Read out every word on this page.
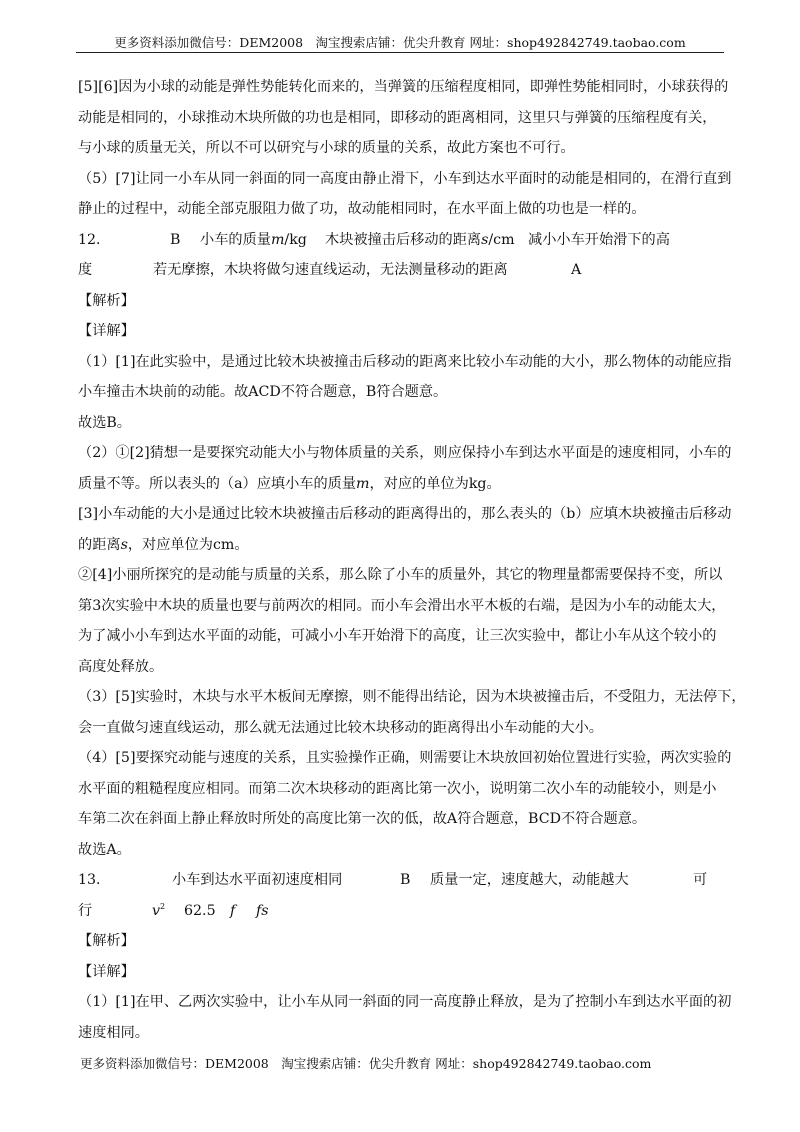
更多资料添加微信号：DEM2008　淘宝搜索店铺：优尖升教育 网址：shop492842749.taobao.com

[5][6]因为小球的动能是弹性势能转化而来的，当弹簧的压缩程度相同，即弹性势能相同时，小球获得的

动能是相同的，小球推动木块所做的功也是相同，即移动的距离相同，这里只与弹簧的压缩程度有关，

与小球的质量无关，所以不可以研究与小球的质量的关系，故此方案也不可行。

（5）[7]让同一小车从同一斜面的同一高度由静止滑下，小车到达水平面时的动能是相同的，在滑行直到

静止的过程中，动能全部克服阻力做了功，故动能相同时，在水平面上做的功也是一样的。

12．	B 小车的质量m/kg 木块被撞击后移动的距离s/cm 减小小车开始滑下的高
度	若无摩擦，木块将做匀速直线运动，无法测量移动的距离	A

【解析】

【详解】

（1）[1]在此实验中，是通过比较木块被撞击后移动的距离来比较小车动能的大小，那么物体的动能应指

小车撞击木块前的动能。故ACD不符合题意，B符合题意。

故选B。

（2）①[2]猜想一是要探究动能大小与物体质量的关系，则应保持小车到达水平面是的速度相同，小车的

质量不等。所以表头的（a）应填小车的质量m，对应的单位为kg。

[3]小车动能的大小是通过比较木块被撞击后移动的距离得出的，那么表头的（b）应填木块被撞击后移动

的距离s，对应单位为cm。

②[4]小丽所探究的是动能与质量的关系，那么除了小车的质量外，其它的物理量都需要保持不变，所以

第3次实验中木块的质量也要与前两次的相同。而小车会滑出水平木板的右端，是因为小车的动能太大，

为了减小小车到达水平面的动能，可减小小车开始滑下的高度，让三次实验中，都让小车从这个较小的

高度处释放。

（3）[5]实验时，木块与水平木板间无摩擦，则不能得出结论，因为木块被撞击后，不受阻力，无法停下，

会一直做匀速直线运动，那么就无法通过比较木块移动的距离得出小车动能的大小。

（4）[5]要探究动能与速度的关系，且实验操作正确，则需要让木块放回初始位置进行实验，两次实验的

水平面的粗糙程度应相同。而第二次木块移动的距离比第一次小，说明第二次小车的动能较小，则是小

车第二次在斜面上静止释放时所处的高度比第一次的低，故A符合题意，BCD不符合题意。

故选A。

13．	小车到达水平面初速度相同	B 质量一定，速度越大，动能越大	可
行	$v^2$ 62.5 f fs

【解析】

【详解】

（1）[1]在甲、乙两次实验中，让小车从同一斜面的同一高度静止释放，是为了控制小车到达水平面的初

速度相同。

更多资料添加微信号：DEM2008　淘宝搜索店铺：优尖升教育 网址：shop492842749.taobao.com
